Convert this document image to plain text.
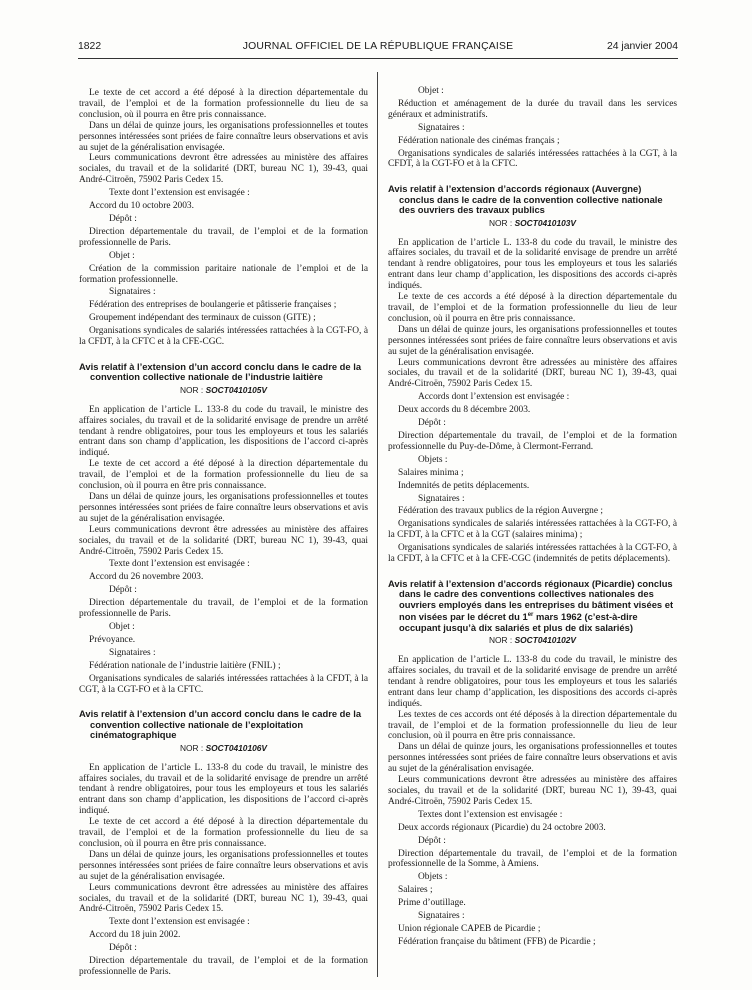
1822	JOURNAL OFFICIEL DE LA RÉPUBLIQUE FRANÇAISE	24 janvier 2004

Le texte de cet accord a été déposé à la direction départementale du travail, de l’emploi et de la formation professionnelle du lieu de sa conclusion, où il pourra en être pris connaissance.

Dans un délai de quinze jours, les organisations professionnelles et toutes personnes intéressées sont priées de faire connaître leurs observations et avis au sujet de la généralisation envisagée.

Leurs communications devront être adressées au ministère des affaires sociales, du travail et de la solidarité (DRT, bureau NC 1), 39-43, quai André-Citroën, 75902 Paris Cedex 15.

Texte dont l’extension est envisagée :

Accord du 10 octobre 2003.

Dépôt :

Direction départementale du travail, de l’emploi et de la formation professionnelle de Paris.

Objet :

Création de la commission paritaire nationale de l’emploi et de la formation professionnelle.

Signataires :

Fédération des entreprises de boulangerie et pâtisserie françaises ;

Groupement indépendant des terminaux de cuisson (GITE) ;

Organisations syndicales de salariés intéressées rattachées à la CGT-FO, à la CFDT, à la CFTC et à la CFE-CGC.

Avis relatif à l’extension d’un accord conclu dans le cadre de la convention collective nationale de l’industrie laitière

NOR : SOCT0410105V

En application de l’article L. 133-8 du code du travail, le ministre des affaires sociales, du travail et de la solidarité envisage de prendre un arrêté tendant à rendre obligatoires, pour tous les employeurs et tous les salariés entrant dans son champ d’application, les dispositions de l’accord ci-après indiqué.

Le texte de cet accord a été déposé à la direction départementale du travail, de l’emploi et de la formation professionnelle du lieu de sa conclusion, où il pourra en être pris connaissance.

Dans un délai de quinze jours, les organisations professionnelles et toutes personnes intéressées sont priées de faire connaître leurs observations et avis au sujet de la généralisation envisagée.

Leurs communications devront être adressées au ministère des affaires sociales, du travail et de la solidarité (DRT, bureau NC 1), 39-43, quai André-Citroën, 75902 Paris Cedex 15.

Texte dont l’extension est envisagée :

Accord du 26 novembre 2003.

Dépôt :

Direction départementale du travail, de l’emploi et de la formation professionnelle de Paris.

Objet :

Prévoyance.

Signataires :

Fédération nationale de l’industrie laitière (FNIL) ;

Organisations syndicales de salariés intéressées rattachées à la CFDT, à la CGT, à la CGT-FO et à la CFTC.

Avis relatif à l’extension d’un accord conclu dans le cadre de la convention collective nationale de l’exploitation cinématographique

NOR : SOCT0410106V

En application de l’article L. 133-8 du code du travail, le ministre des affaires sociales, du travail et de la solidarité envisage de prendre un arrêté tendant à rendre obligatoires, pour tous les employeurs et tous les salariés entrant dans son champ d’application, les dispositions de l’accord ci-après indiqué.

Le texte de cet accord a été déposé à la direction départementale du travail, de l’emploi et de la formation professionnelle du lieu de sa conclusion, où il pourra en être pris connaissance.

Dans un délai de quinze jours, les organisations professionnelles et toutes personnes intéressées sont priées de faire connaître leurs observations et avis au sujet de la généralisation envisagée.

Leurs communications devront être adressées au ministère des affaires sociales, du travail et de la solidarité (DRT, bureau NC 1), 39-43, quai André-Citroën, 75902 Paris Cedex 15.

Texte dont l’extension est envisagée :

Accord du 18 juin 2002.

Dépôt :

Direction départementale du travail, de l’emploi et de la formation professionnelle de Paris.

Objet :

Réduction et aménagement de la durée du travail dans les services généraux et administratifs.

Signataires :

Fédération nationale des cinémas français ;

Organisations syndicales de salariés intéressées rattachées à la CGT, à la CFDT, à la CGT-FO et à la CFTC.

Avis relatif à l’extension d’accords régionaux (Auvergne) conclus dans le cadre de la convention collective nationale des ouvriers des travaux publics

NOR : SOCT0410103V

En application de l’article L. 133-8 du code du travail, le ministre des affaires sociales, du travail et de la solidarité envisage de prendre un arrêté tendant à rendre obligatoires, pour tous les employeurs et tous les salariés entrant dans leur champ d’application, les dispositions des accords ci-après indiqués.

Le texte de ces accords a été déposé à la direction départementale du travail, de l’emploi et de la formation professionnelle du lieu de leur conclusion, où il pourra en être pris connaissance.

Dans un délai de quinze jours, les organisations professionnelles et toutes personnes intéressées sont priées de faire connaître leurs observations et avis au sujet de la généralisation envisagée.

Leurs communications devront être adressées au ministère des affaires sociales, du travail et de la solidarité (DRT, bureau NC 1), 39-43, quai André-Citroën, 75902 Paris Cedex 15.

Accords dont l’extension est envisagée :

Deux accords du 8 décembre 2003.

Dépôt :

Direction départementale du travail, de l’emploi et de la formation professionnelle du Puy-de-Dôme, à Clermont-Ferrand.

Objets :

Salaires minima ;

Indemnités de petits déplacements.

Signataires :

Fédération des travaux publics de la région Auvergne ;

Organisations syndicales de salariés intéressées rattachées à la CGT-FO, à la CFDT, à la CFTC et à la CGT (salaires minima) ;

Organisations syndicales de salariés intéressées rattachées à la CGT-FO, à la CFDT, à la CFTC et à la CFE-CGC (indemnités de petits déplacements).

Avis relatif à l’extension d’accords régionaux (Picardie) conclus dans le cadre des conventions collectives nationales des ouvriers employés dans les entreprises du bâtiment visées et non visées par le décret du 1er mars 1962 (c’est-à-dire occupant jusqu’à dix salariés et plus de dix salariés)

NOR : SOCT0410102V

En application de l’article L. 133-8 du code du travail, le ministre des affaires sociales, du travail et de la solidarité envisage de prendre un arrêté tendant à rendre obligatoires, pour tous les employeurs et tous les salariés entrant dans leur champ d’application, les dispositions des accords ci-après indiqués.

Les textes de ces accords ont été déposés à la direction départementale du travail, de l’emploi et de la formation professionnelle du lieu de leur conclusion, où il pourra en être pris connaissance.

Dans un délai de quinze jours, les organisations professionnelles et toutes personnes intéressées sont priées de faire connaître leurs observations et avis au sujet de la généralisation envisagée.

Leurs communications devront être adressées au ministère des affaires sociales, du travail et de la solidarité (DRT, bureau NC 1), 39-43, quai André-Citroën, 75902 Paris Cedex 15.

Textes dont l’extension est envisagée :

Deux accords régionaux (Picardie) du 24 octobre 2003.

Dépôt :

Direction départementale du travail, de l’emploi et de la formation professionnelle de la Somme, à Amiens.

Objets :

Salaires ;

Prime d’outillage.

Signataires :

Union régionale CAPEB de Picardie ;

Fédération française du bâtiment (FFB) de Picardie ;
